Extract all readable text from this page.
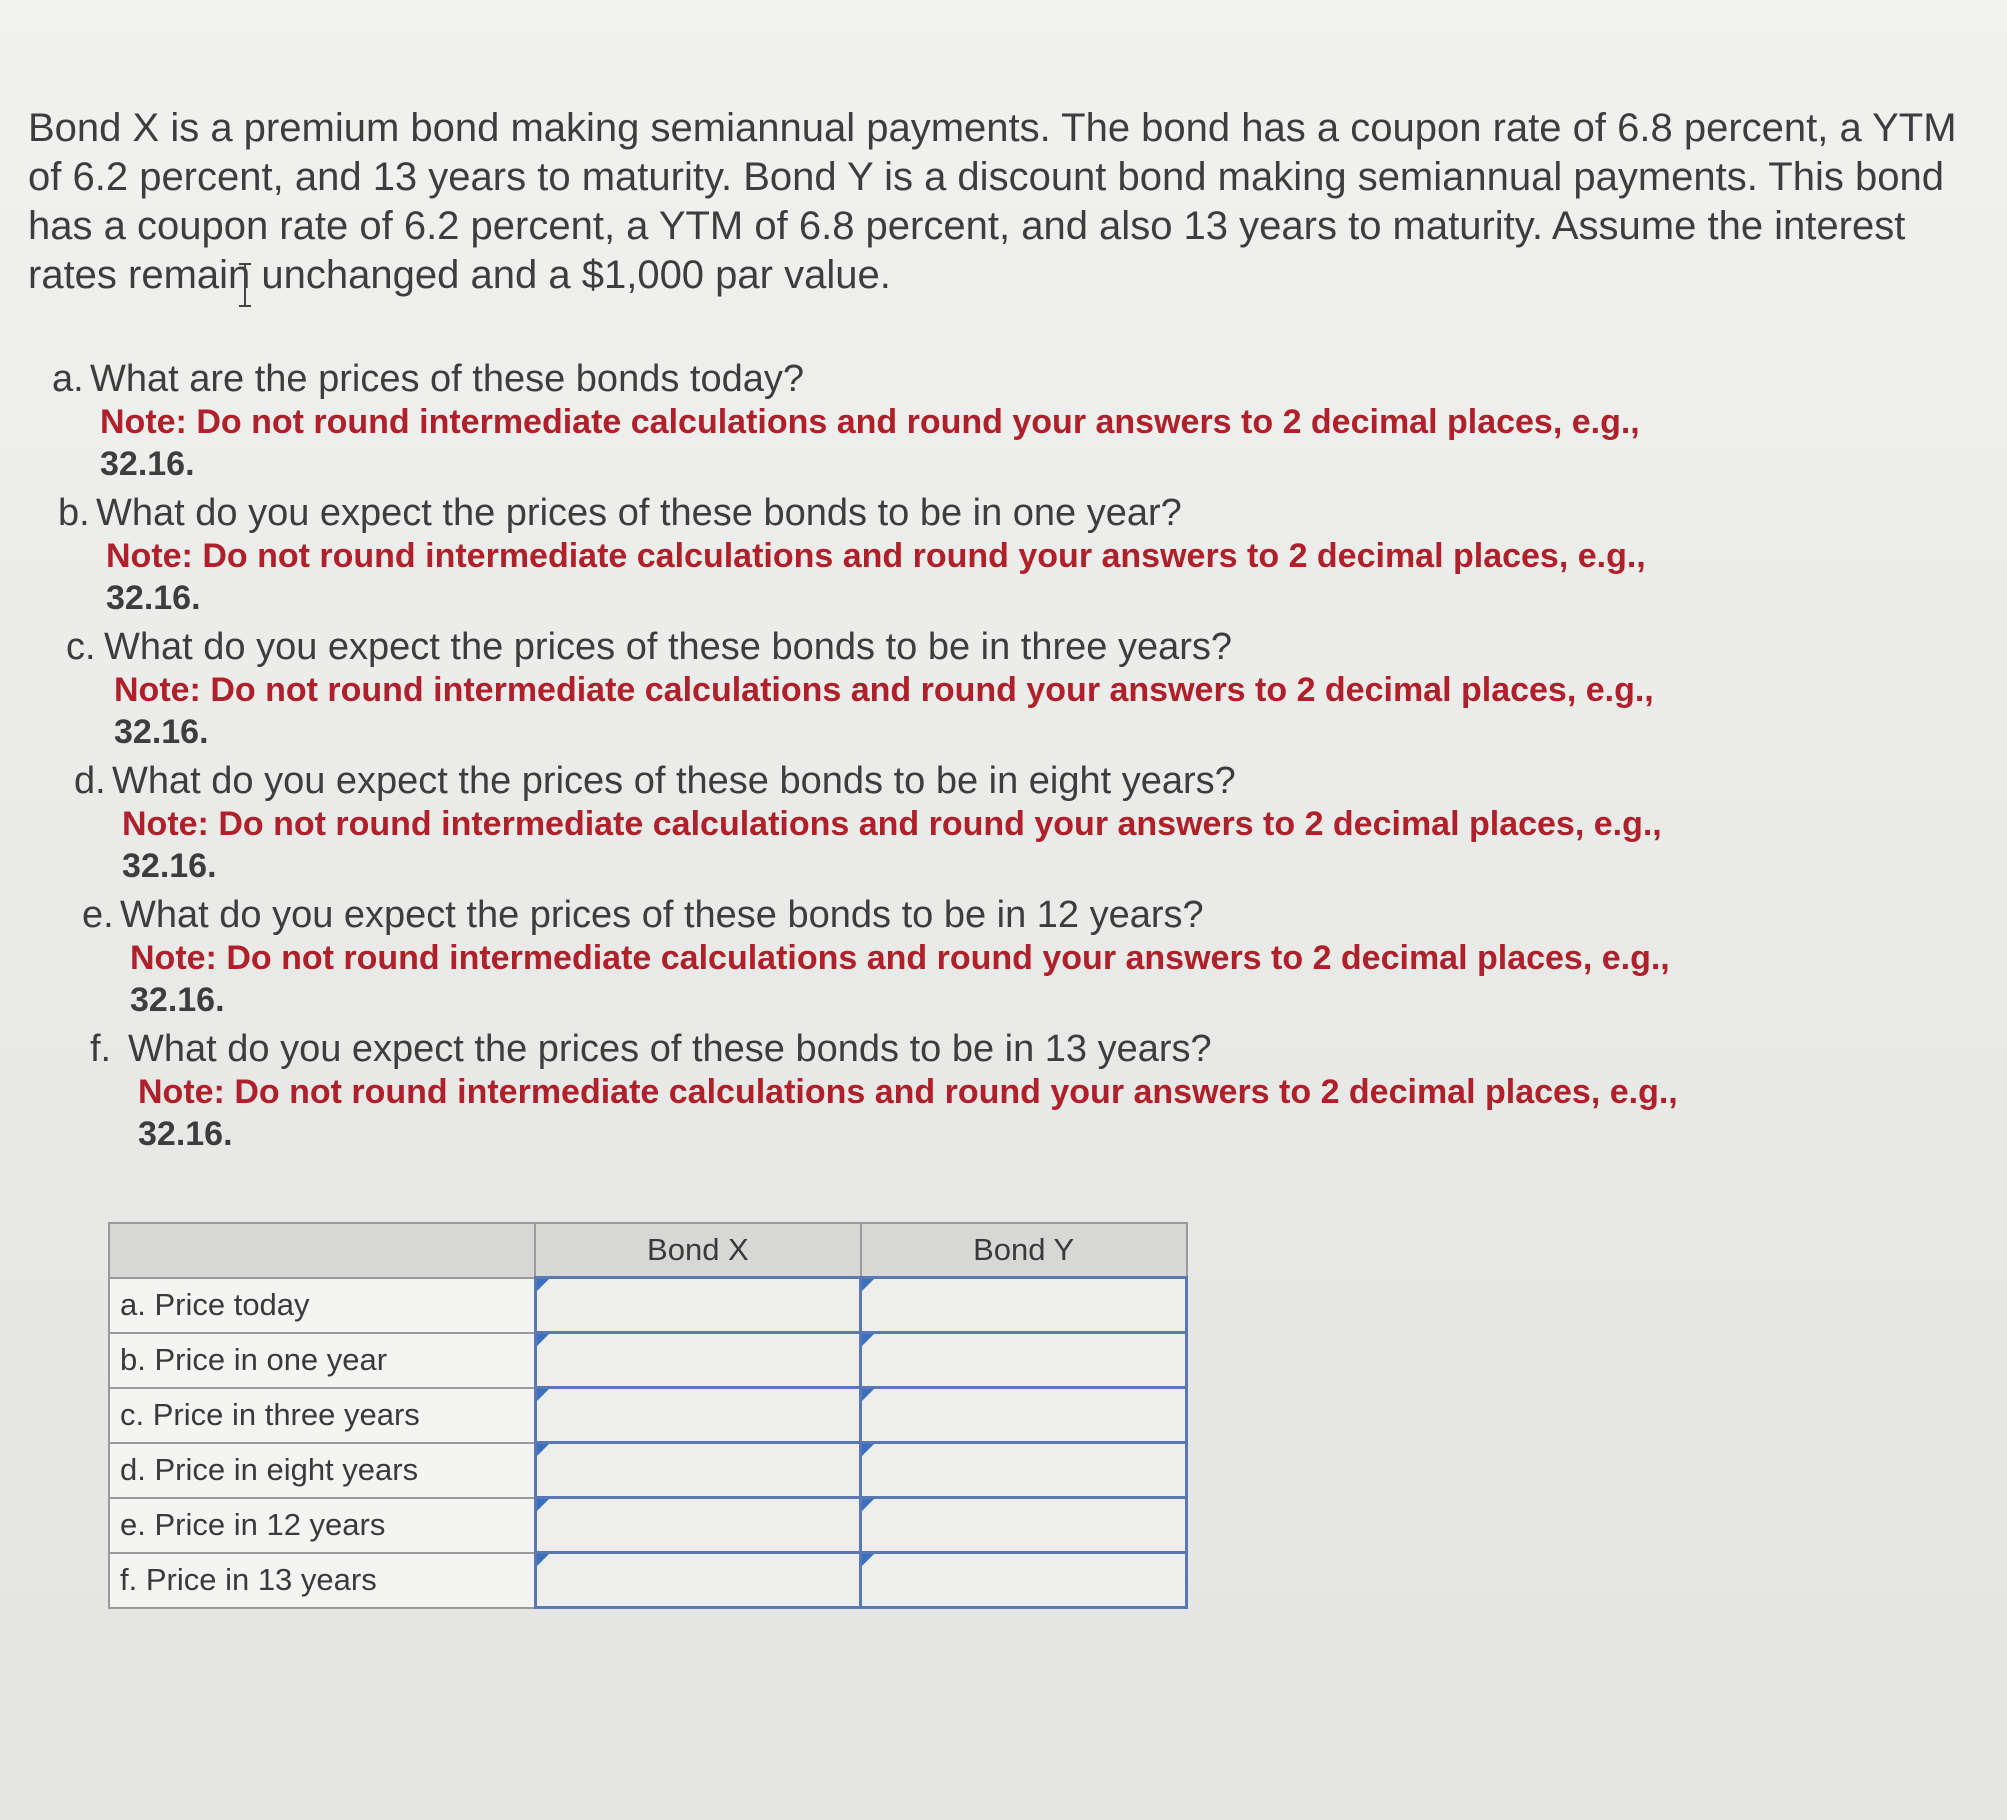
Bond X is a premium bond making semiannual payments. The bond has a coupon rate of 6.8 percent, a YTM of 6.2 percent, and 13 years to maturity. Bond Y is a discount bond making semiannual payments. This bond has a coupon rate of 6.2 percent, a YTM of 6.8 percent, and also 13 years to maturity. Assume the interest rates remain unchanged and a $1,000 par value.
a. What are the prices of these bonds today?
Note: Do not round intermediate calculations and round your answers to 2 decimal places, e.g.,
32.16.
b. What do you expect the prices of these bonds to be in one year?
Note: Do not round intermediate calculations and round your answers to 2 decimal places, e.g.,
32.16.
c. What do you expect the prices of these bonds to be in three years?
Note: Do not round intermediate calculations and round your answers to 2 decimal places, e.g.,
32.16.
d. What do you expect the prices of these bonds to be in eight years?
Note: Do not round intermediate calculations and round your answers to 2 decimal places, e.g.,
32.16.
e. What do you expect the prices of these bonds to be in 12 years?
Note: Do not round intermediate calculations and round your answers to 2 decimal places, e.g.,
32.16.
f. What do you expect the prices of these bonds to be in 13 years?
Note: Do not round intermediate calculations and round your answers to 2 decimal places, e.g.,
32.16.
	Bond X	Bond Y
a. Price today	

b. Price in one year	

c. Price in three years	

d. Price in eight years	

e. Price in 12 years	

f. Price in 13 years	
